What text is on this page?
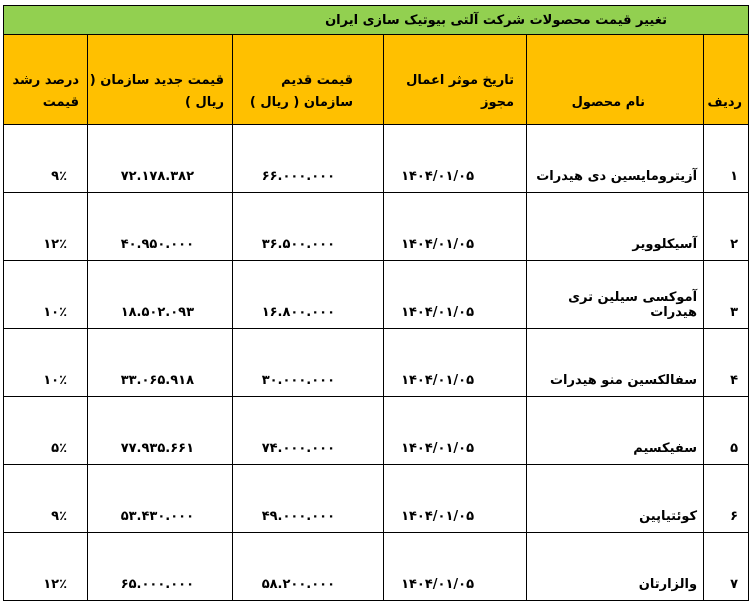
تغییر قیمت محصولات شرکت آلتی بیوتیک سازی ایران					
ردیف	نام محصول	تاریخ موثر اعمال مجوز	قیمت قدیم سازمان ( ریال )	قیمت جدید سازمان ( ریال )	درصد رشد قیمت
۱	آزیترومایسین دی هیدرات	۱۴۰۴/۰۱/۰۵	۶۶.۰۰۰.۰۰۰	۷۲.۱۷۸.۳۸۲	۹٪
۲	آسیکلوویر	۱۴۰۴/۰۱/۰۵	۳۶.۵۰۰.۰۰۰	۴۰.۹۵۰.۰۰۰	۱۲٪
۳	آموکسی سیلین تری هیدرات	۱۴۰۴/۰۱/۰۵	۱۶.۸۰۰.۰۰۰	۱۸.۵۰۲.۰۹۳	۱۰٪
۴	سفالکسین منو هیدرات	۱۴۰۴/۰۱/۰۵	۳۰.۰۰۰.۰۰۰	۳۳.۰۶۵.۹۱۸	۱۰٪
۵	سفیکسیم	۱۴۰۴/۰۱/۰۵	۷۴.۰۰۰.۰۰۰	۷۷.۹۳۵.۶۶۱	۵٪
۶	کوئتیاپین	۱۴۰۴/۰۱/۰۵	۴۹.۰۰۰.۰۰۰	۵۳.۴۳۰.۰۰۰	۹٪
۷	والزارتان	۱۴۰۴/۰۱/۰۵	۵۸.۲۰۰.۰۰۰	۶۵.۰۰۰.۰۰۰	۱۲٪
